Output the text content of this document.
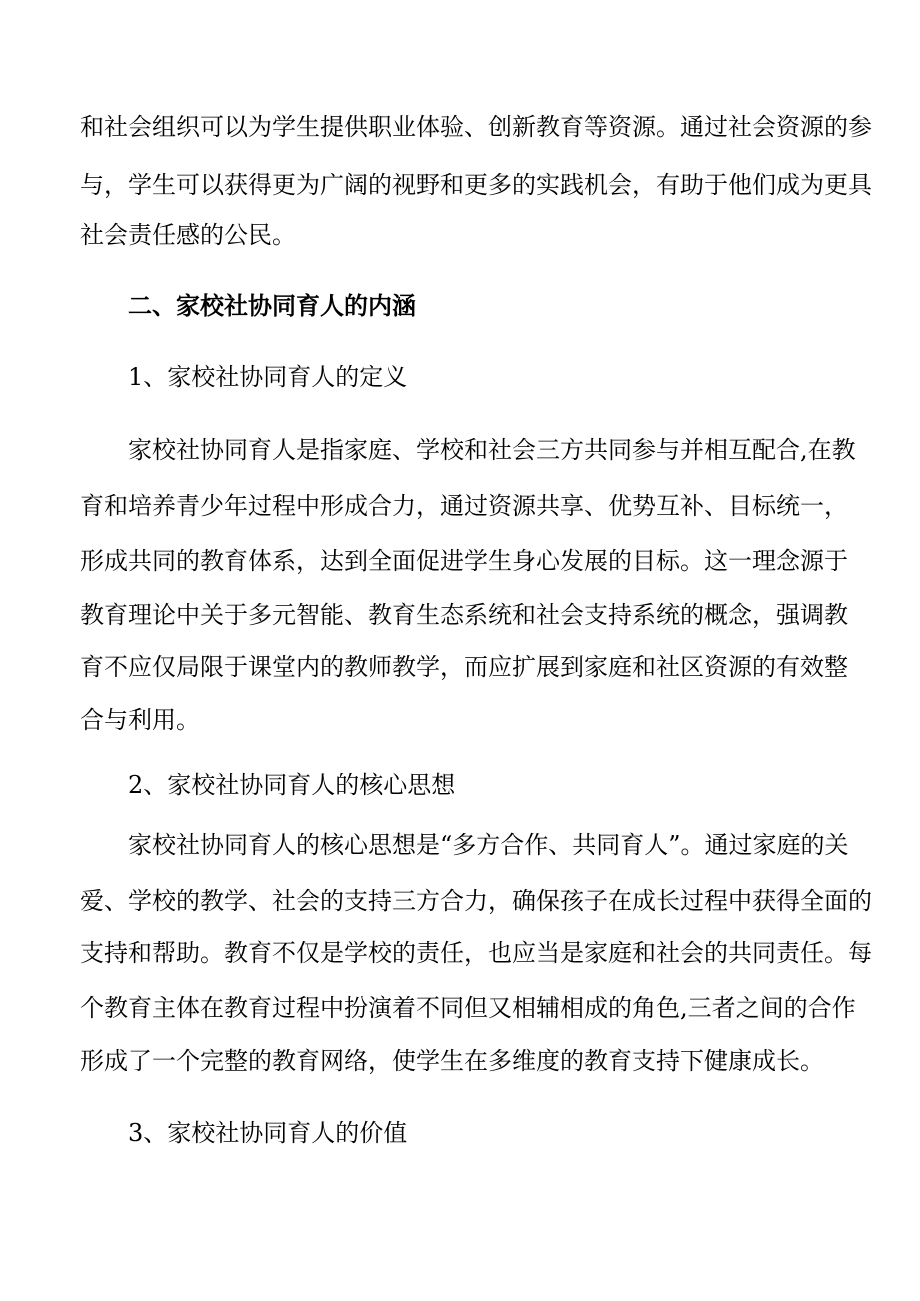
和社会组织可以为学生提供职业体验、创新教育等资源。通过社会资源的参
与，学生可以获得更为广阔的视野和更多的实践机会，有助于他们成为更具
社会责任感的公民。
二、家校社协同育人的内涵
1、家校社协同育人的定义
家校社协同育人是指家庭、学校和社会三方共同参与并相互配合,在教
育和培养青少年过程中形成合力，通过资源共享、优势互补、目标统一，
形成共同的教育体系，达到全面促进学生身心发展的目标。这一理念源于
教育理论中关于多元智能、教育生态系统和社会支持系统的概念，强调教
育不应仅局限于课堂内的教师教学，而应扩展到家庭和社区资源的有效整
合与利用。
2、家校社协同育人的核心思想
家校社协同育人的核心思想是“多方合作、共同育人”。通过家庭的关
爱、学校的教学、社会的支持三方合力，确保孩子在成长过程中获得全面的
支持和帮助。教育不仅是学校的责任，也应当是家庭和社会的共同责任。每
个教育主体在教育过程中扮演着不同但又相辅相成的角色,三者之间的合作
形成了一个完整的教育网络，使学生在多维度的教育支持下健康成长。
3、家校社协同育人的价值
